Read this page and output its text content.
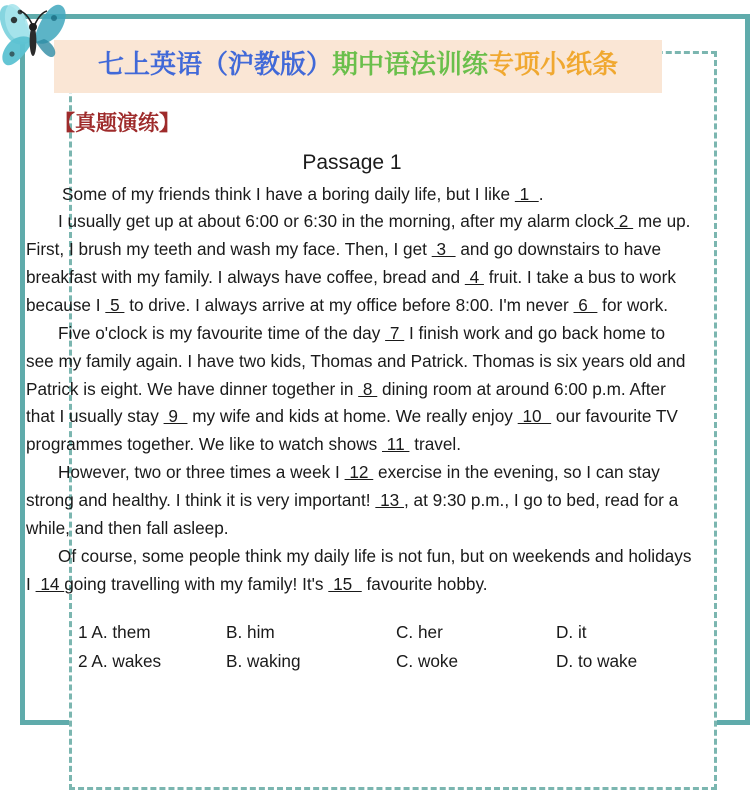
七上英语（沪教版）期中语法训练专项小纸条
【真题演练】
Passage 1

Some of my friends think I have a boring daily life, but I like  1  .

I usually get up at about 6:00 or 6:30 in the morning, after my alarm clock 2  me up. First, I brush my teeth and wash my face. Then, I get  3   and go downstairs to have breakfast with my family. I always have coffee, bread and  4  fruit. I take a bus to work because I  5  to drive. I always arrive at my office before 8:00. I'm never  6   for work.

Five o'clock is my favourite time of the day  7  I finish work and go back home to see my family again. I have two kids, Thomas and Patrick. Thomas is six years old and Patrick is eight. We have dinner together in  8  dining room at around 6:00 p.m. After that I usually stay  9   my wife and kids at home. We really enjoy  10   our favourite TV programmes together. We like to watch shows  11  travel.

However, two or three times a week I  12  exercise in the evening, so I can stay strong and healthy. I think it is very important!  13 , at 9:30 p.m., I go to bed, read for a while, and then fall asleep.

Of course, some people think my daily life is not fun, but on weekends and holidays I  14 going travelling with my family! It's  15   favourite hobby.

1 A. them	B. him	C. her	D. it
2 A. wakes	B. waking	C. woke	D. to wake
